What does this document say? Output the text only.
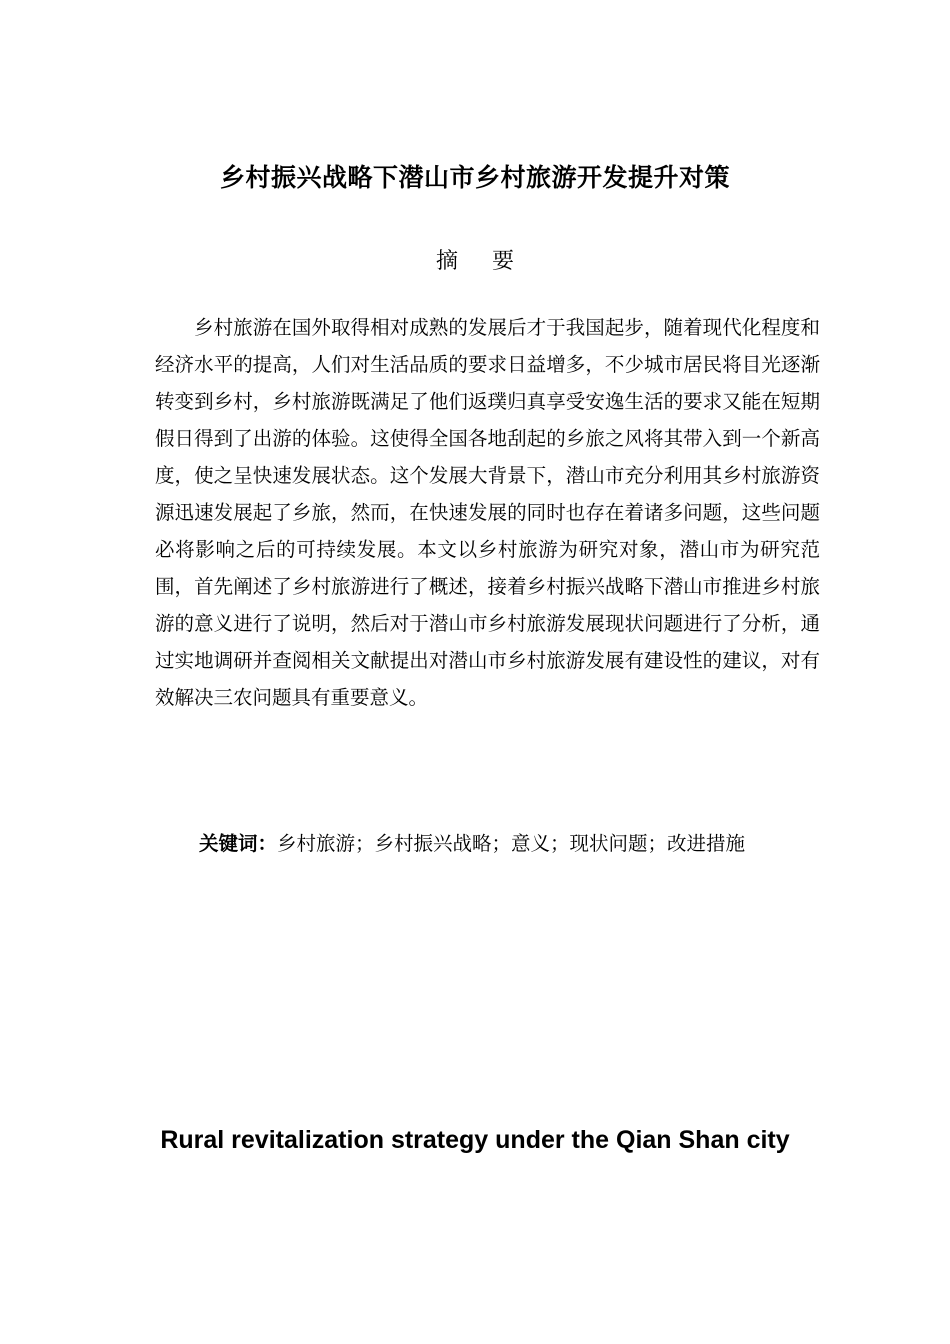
乡村振兴战略下潜山市乡村旅游开发提升对策
摘 要

乡村旅游在国外取得相对成熟的发展后才于我国起步，随着现代化程度和经济水平的提高，人们对生活品质的要求日益增多，不少城市居民将目光逐渐转变到乡村，乡村旅游既满足了他们返璞归真享受安逸生活的要求又能在短期假日得到了出游的体验。这使得全国各地刮起的乡旅之风将其带入到一个新高度，使之呈快速发展状态。这个发展大背景下，潜山市充分利用其乡村旅游资源迅速发展起了乡旅，然而，在快速发展的同时也存在着诸多问题，这些问题必将影响之后的可持续发展。本文以乡村旅游为研究对象，潜山市为研究范围，首先阐述了乡村旅游进行了概述，接着乡村振兴战略下潜山市推进乡村旅游的意义进行了说明，然后对于潜山市乡村旅游发展现状问题进行了分析，通过实地调研并查阅相关文献提出对潜山市乡村旅游发展有建设性的建议，对有效解决三农问题具有重要意义。

关键词：乡村旅游；乡村振兴战略；意义；现状问题；改进措施
Rural revitalization strategy under the Qian Shan city
